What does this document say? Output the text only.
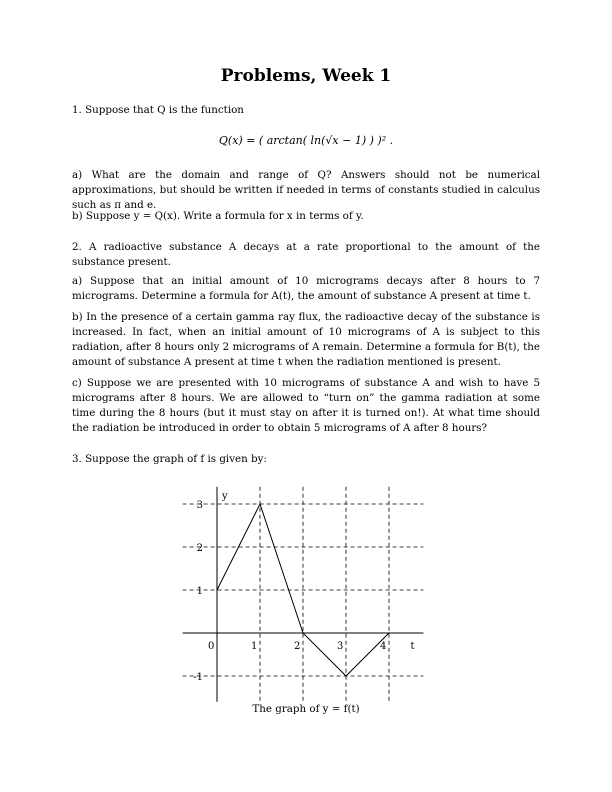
Problems, Week 1
1. Suppose that Q is the function
Q(x) = ( arctan( ln(√x − 1) ) )² .
a) What are the domain and range of Q? Answers should not be numerical approximations, but should be written if needed in terms of constants studied in calculus such as π and e.
b) Suppose y = Q(x). Write a formula for x in terms of y.
2. A radioactive substance A decays at a rate proportional to the amount of the substance present.
a) Suppose that an initial amount of 10 micrograms decays after 8 hours to 7 micrograms. Determine a formula for A(t), the amount of substance A present at time t.
b) In the presence of a certain gamma ray flux, the radioactive decay of the substance is increased. In fact, when an initial amount of 10 micrograms of A is subject to this radiation, after 8 hours only 2 micrograms of A remain. Determine a formula for B(t), the amount of substance A present at time t when the radiation mentioned is present.
c) Suppose we are presented with 10 micrograms of substance A and wish to have 5 micrograms after 8 hours. We are allowed to “turn on” the gamma radiation at some time during the 8 hours (but it must stay on after it is turned on!). At what time should the radiation be introduced in order to obtain 5 micrograms of A after 8 hours?
3. Suppose the graph of f is given by:
0	1	2	3	4
3
2
1
-1
t
y
The graph of y = f(t)
